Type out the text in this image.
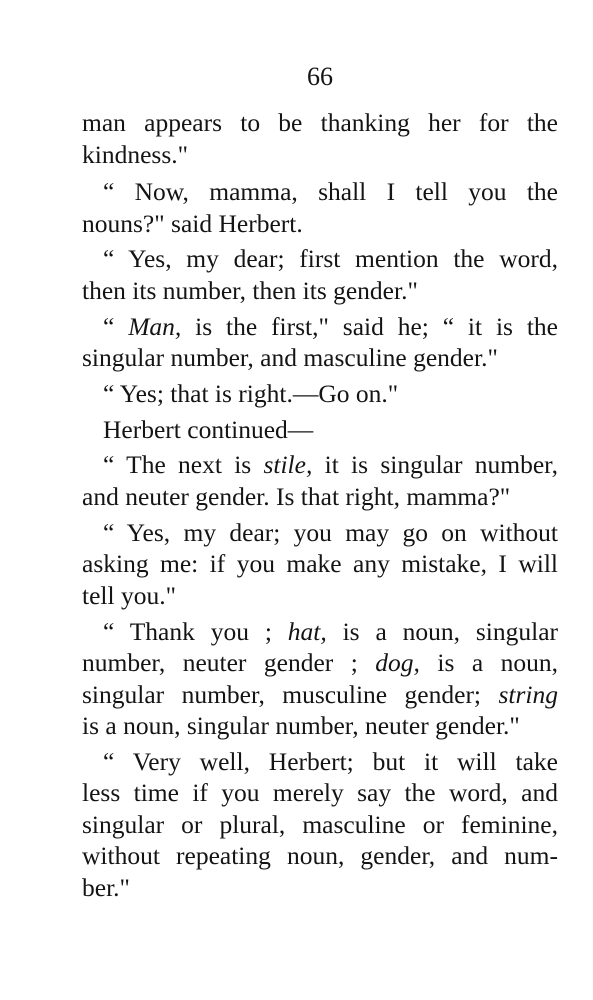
66
man appears to be thanking her for the
kindness."
“ Now, mamma, shall I tell you the
nouns?" said Herbert.
“ Yes, my dear; first mention the word,
then its number, then its gender."
“ Man, is the first," said he; “ it is the
singular number, and masculine gender."
“ Yes; that is right.—Go on."
Herbert continued—
“ The next is stile, it is singular number,
and neuter gender. Is that right, mamma?"
“ Yes, my dear; you may go on without
asking me: if you make any mistake, I will
tell you."
“ Thank you ; hat, is a noun, singular
number, neuter gender ; dog, is a noun,
singular number, musculine gender; string
is a noun, singular number, neuter gender."
“ Very well, Herbert; but it will take
less time if you merely say the word, and
singular or plural, masculine or feminine,
without repeating noun, gender, and num-
ber."
